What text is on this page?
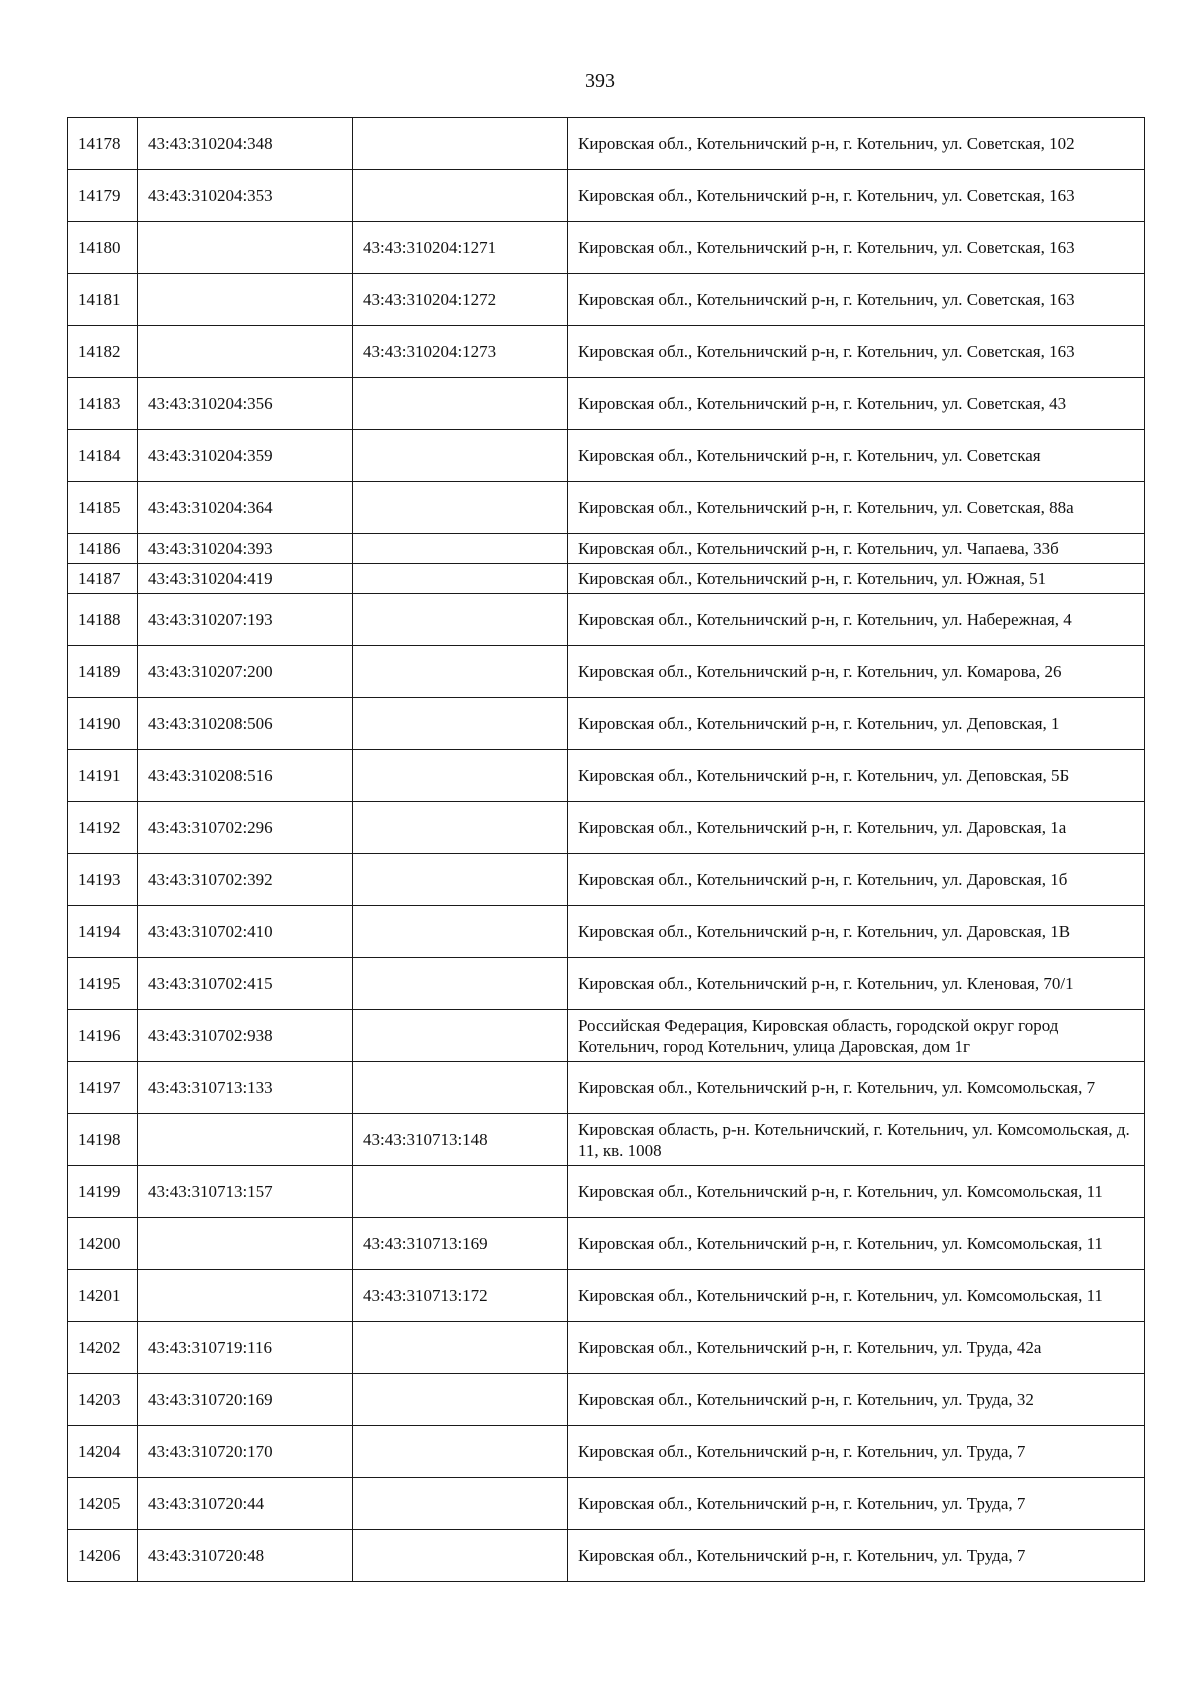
393
14178	43:43:310204:348		Кировская обл., Котельничский р-н, г. Котельнич, ул. Советская, 102
14179	43:43:310204:353		Кировская обл., Котельничский р-н, г. Котельнич, ул. Советская, 163
14180		43:43:310204:1271	Кировская обл., Котельничский р-н, г. Котельнич, ул. Советская, 163
14181		43:43:310204:1272	Кировская обл., Котельничский р-н, г. Котельнич, ул. Советская, 163
14182		43:43:310204:1273	Кировская обл., Котельничский р-н, г. Котельнич, ул. Советская, 163
14183	43:43:310204:356		Кировская обл., Котельничский р-н, г. Котельнич, ул. Советская, 43
14184	43:43:310204:359		Кировская обл., Котельничский р-н, г. Котельнич, ул. Советская
14185	43:43:310204:364		Кировская обл., Котельничский р-н, г. Котельнич, ул. Советская, 88а
14186	43:43:310204:393		Кировская обл., Котельничский р-н, г. Котельнич, ул. Чапаева, 33б
14187	43:43:310204:419		Кировская обл., Котельничский р-н, г. Котельнич, ул. Южная, 51
14188	43:43:310207:193		Кировская обл., Котельничский р-н, г. Котельнич, ул. Набережная, 4
14189	43:43:310207:200		Кировская обл., Котельничский р-н, г. Котельнич, ул. Комарова, 26
14190	43:43:310208:506		Кировская обл., Котельничский р-н, г. Котельнич, ул. Деповская, 1
14191	43:43:310208:516		Кировская обл., Котельничский р-н, г. Котельнич, ул. Деповская, 5Б
14192	43:43:310702:296		Кировская обл., Котельничский р-н, г. Котельнич, ул. Даровская, 1а
14193	43:43:310702:392		Кировская обл., Котельничский р-н, г. Котельнич, ул. Даровская, 1б
14194	43:43:310702:410		Кировская обл., Котельничский р-н, г. Котельнич, ул. Даровская, 1В
14195	43:43:310702:415		Кировская обл., Котельничский р-н, г. Котельнич, ул. Кленовая, 70/1
14196	43:43:310702:938		Российская Федерация, Кировская область, городской округ город Котельнич, город Котельнич, улица Даровская, дом 1г
14197	43:43:310713:133		Кировская обл., Котельничский р-н, г. Котельнич, ул. Комсомольская, 7
14198		43:43:310713:148	Кировская область, р-н. Котельничский, г. Котельнич, ул. Комсомольская, д. 11, кв. 1008
14199	43:43:310713:157		Кировская обл., Котельничский р-н, г. Котельнич, ул. Комсомольская, 11
14200		43:43:310713:169	Кировская обл., Котельничский р-н, г. Котельнич, ул. Комсомольская, 11
14201		43:43:310713:172	Кировская обл., Котельничский р-н, г. Котельнич, ул. Комсомольская, 11
14202	43:43:310719:116		Кировская обл., Котельничский р-н, г. Котельнич, ул. Труда, 42а
14203	43:43:310720:169		Кировская обл., Котельничский р-н, г. Котельнич, ул. Труда, 32
14204	43:43:310720:170		Кировская обл., Котельничский р-н, г. Котельнич, ул. Труда, 7
14205	43:43:310720:44		Кировская обл., Котельничский р-н, г. Котельнич, ул. Труда, 7
14206	43:43:310720:48		Кировская обл., Котельничский р-н, г. Котельнич, ул. Труда, 7
